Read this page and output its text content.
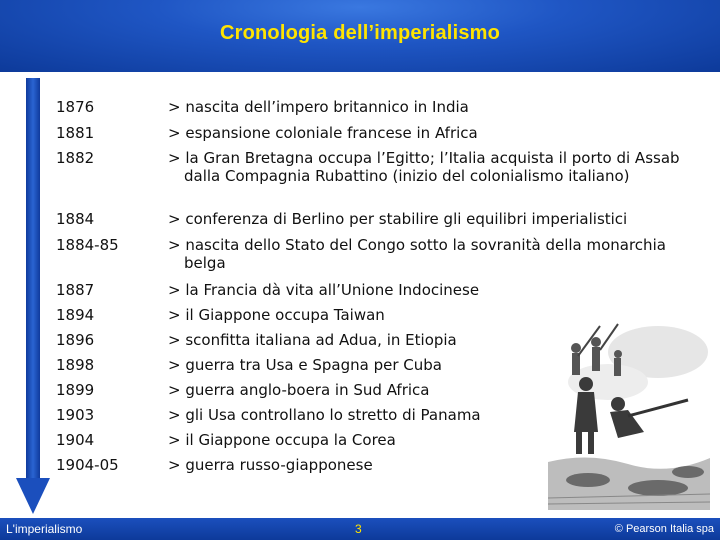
Cronologia dell’imperialismo
1876	> nascita dell’impero britannico in India
1881	> espansione coloniale francese in Africa
1882	> la Gran Bretagna occupa l’Egitto; l’Italia acquista il porto di Assab dalla Compagnia Rubattino (inizio del colonialismo italiano)
1884	> conferenza di Berlino per stabilire gli equilibri imperialistici
1884-85	> nascita dello Stato del Congo sotto la sovranità della monarchia belga
1887	> la Francia dà vita all’Unione Indocinese
1894	> il Giappone occupa Taiwan
1896	> sconfitta italiana ad Adua, in Etiopia
1898	> guerra tra Usa e Spagna per Cuba
1899	> guerra anglo-boera in Sud Africa
1903	> gli Usa controllano lo stretto di Panama
1904	> il Giappone occupa la Corea
1904-05	> guerra russo-giapponese
L'imperialismo	3	© Pearson Italia spa
